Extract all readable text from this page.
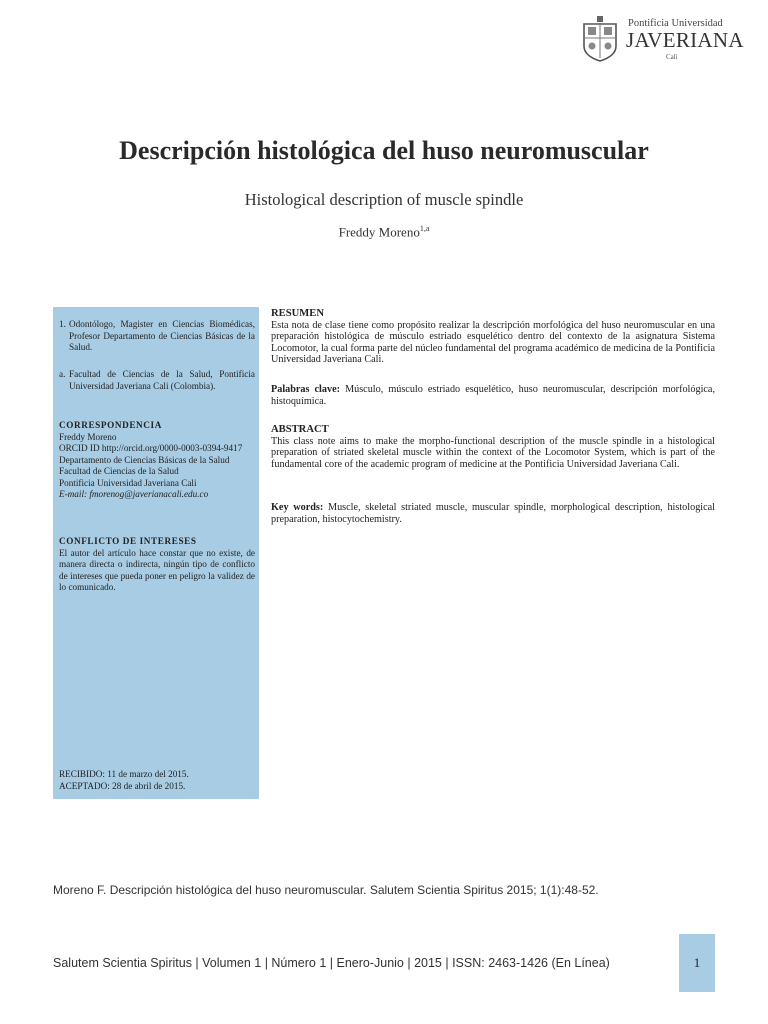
Pontificia Universidad
JAVERIANA
Cali
Descripción histológica del huso neuromuscular
Histological description of muscle spindle
Freddy Moreno$^{1,a}$
1. Odontólogo, Magister en Ciencias Biomédicas, Profesor Departamento de Ciencias Básicas de la Salud.
a. Facultad de Ciencias de la Salud, Pontificia Universidad Javeriana Cali (Colombia).
CORRESPONDENCIA
Freddy Moreno
ORCID ID http://orcid.org/0000-0003-0394-9417
Departamento de Ciencias Básicas de la Salud
Facultad de Ciencias de la Salud
Pontificia Universidad Javeriana Cali
E-mail: fmorenog@javerianacali.edu.co
CONFLICTO DE INTERESES
El autor del artículo hace constar que no existe, de manera directa o indirecta, ningún tipo de conflicto de intereses que pueda poner en peligro la validez de lo comunicado.
RECIBIDO: 11 de marzo del 2015.
ACEPTADO: 28 de abril de 2015.
RESUMEN
Esta nota de clase tiene como propósito realizar la descripción morfológica del huso neuromuscular en una preparación histológica de músculo estriado esquelético dentro del contexto de la asignatura Sistema Locomotor, la cual forma parte del núcleo fundamental del programa académico de medicina de la Pontificia Universidad Javeriana Cali.
Palabras clave: Músculo, músculo estriado esquelético, huso neuromuscular, descripción morfológica, histoquímica.
ABSTRACT
This class note aims to make the morpho-functional description of the muscle spindle in a histological preparation of striated skeletal muscle within the context of the Locomotor System, which is part of the fundamental core of the academic program of medicine at the Pontificia Universidad Javeriana Cali.
Key words: Muscle, skeletal striated muscle, muscular spindle, morphological description, histological preparation, histocytochemistry.
Moreno F. Descripción histológica del huso neuromuscular. Salutem Scientia Spiritus 2015; 1(1):48-52.
Salutem Scientia Spiritus | Volumen 1 | Número 1 | Enero-Junio | 2015 | ISSN: 2463-1426 (En Línea)	1
